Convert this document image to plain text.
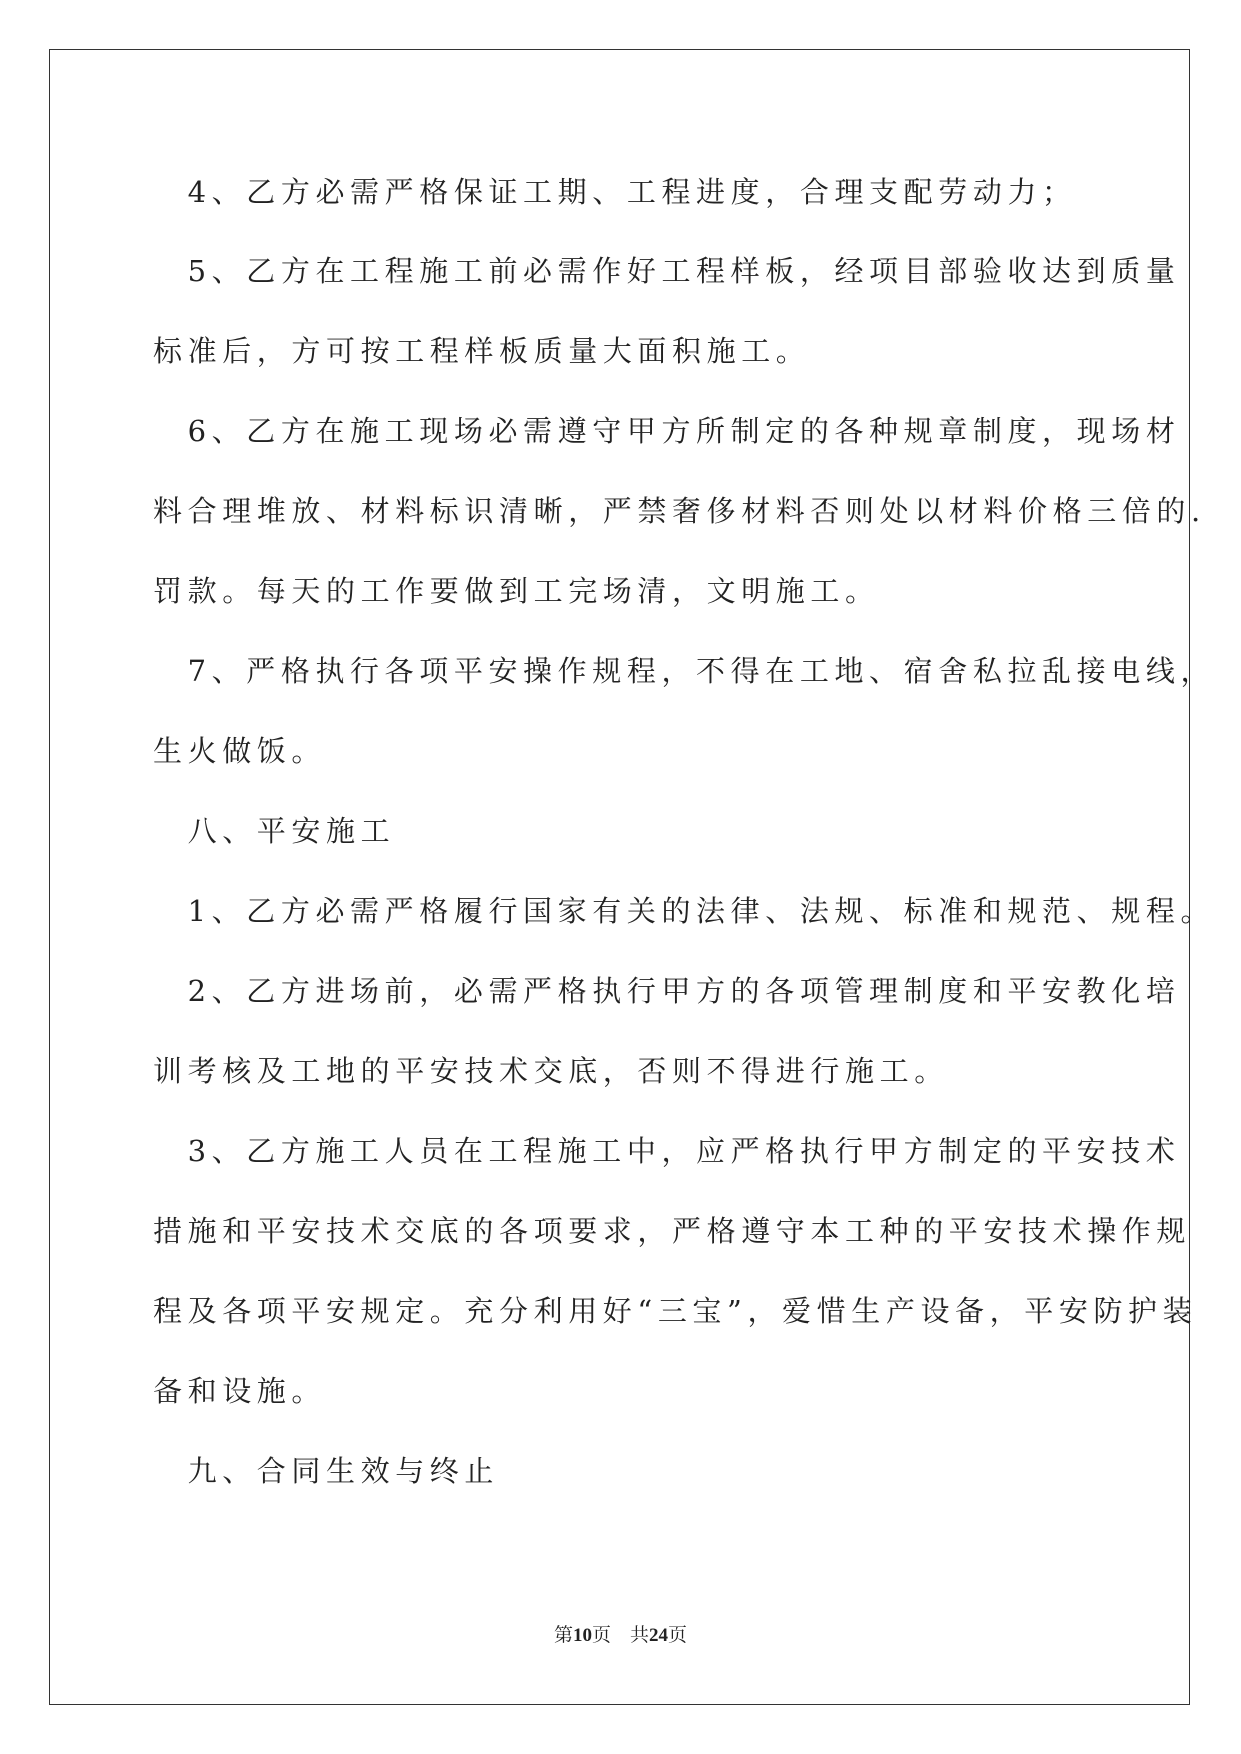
　4、乙方必需严格保证工期、工程进度，合理支配劳动力；

　5、乙方在工程施工前必需作好工程样板，经项目部验收达到质量

标准后，方可按工程样板质量大面积施工。

　6、乙方在施工现场必需遵守甲方所制定的各种规章制度，现场材

料合理堆放、材料标识清晰，严禁奢侈材料否则处以材料价格三倍的.

罚款。每天的工作要做到工完场清，文明施工。

　7、严格执行各项平安操作规程，不得在工地、宿舍私拉乱接电线，

生火做饭。

　八、平安施工

　1、乙方必需严格履行国家有关的法律、法规、标准和规范、规程。

　2、乙方进场前，必需严格执行甲方的各项管理制度和平安教化培

训考核及工地的平安技术交底，否则不得进行施工。

　3、乙方施工人员在工程施工中，应严格执行甲方制定的平安技术

措施和平安技术交底的各项要求，严格遵守本工种的平安技术操作规

程及各项平安规定。充分利用好“三宝”，爱惜生产设备，平安防护装

备和设施。

　九、合同生效与终止

第10页　共24页
